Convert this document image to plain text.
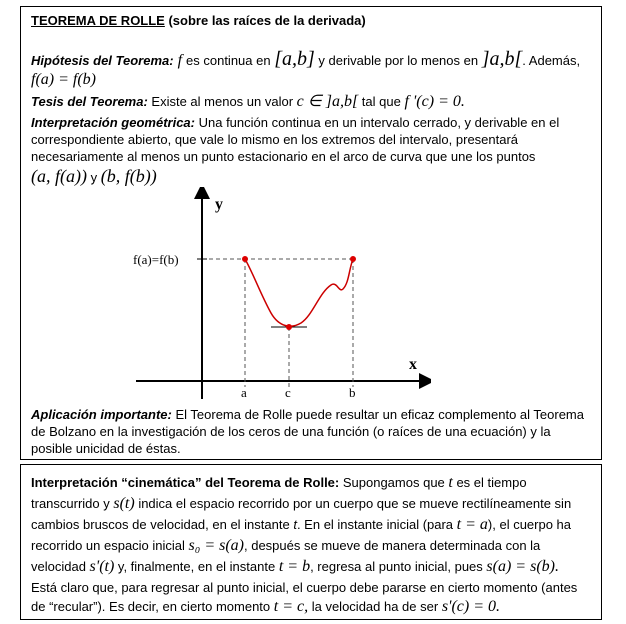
TEOREMA DE ROLLE (sobre las raíces de la derivada)
Hipótesis del Teorema: f es continua en [a,b] y derivable por lo menos en ]a,b[. Además,
f(a) = f(b)
Tesis del Teorema: Existe al menos un valor c ∈ ]a,b[ tal que f '(c) = 0.
Interpretación geométrica: Una función continua en un intervalo cerrado, y derivable en el
correspondiente abierto, que vale lo mismo en los extremos del intervalo, presentará
necesariamente al menos un punto estacionario en el arco de curva que une los puntos
(a, f(a)) y (b, f(b))
y
x
f(a)=f(b)
a	c	b
Aplicación importante: El Teorema de Rolle puede resultar un eficaz complemento al Teorema
de Bolzano en la investigación de los ceros de una función (o raíces de una ecuación) y la
posible unicidad de éstas.
Interpretación “cinemática” del Teorema de Rolle: Supongamos que t es el tiempo
transcurrido y s(t) indica el espacio recorrido por un cuerpo que se mueve rectilíneamente sin
cambios bruscos de velocidad, en el instante t. En el instante inicial (para t = a), el cuerpo ha
recorrido un espacio inicial s₀ = s(a), después se mueve de manera determinada con la
velocidad s'(t) y, finalmente, en el instante t = b, regresa al punto inicial, pues s(a) = s(b).
Está claro que, para regresar al punto inicial, el cuerpo debe pararse en cierto momento (antes
de “recular”). Es decir, en cierto momento t = c, la velocidad ha de ser s'(c) = 0.
